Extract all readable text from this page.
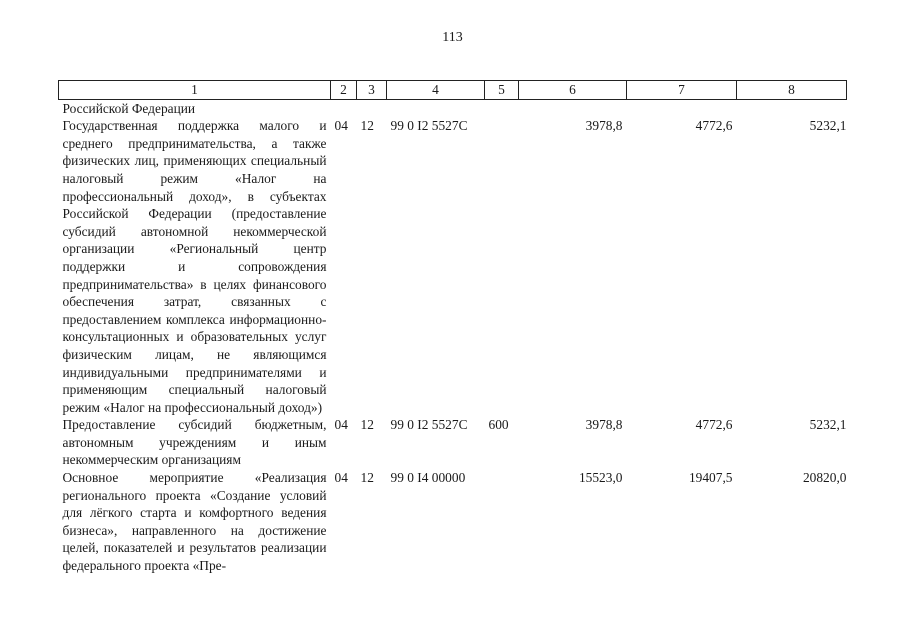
113
1	2	3	4	5	6	7	8
Российской Федерации							
Государственная поддержка малого и среднего предпринимательства, а также физических лиц, применяющих специальный налоговый режим «Налог на профессиональный доход», в субъектах Российской Федерации (предоставление субсидий автономной некоммерческой организации «Региональный центр поддержки и сопровождения предпринимательства» в целях финансового обеспечения затрат, связанных с предоставлением комплекса информационно-консультационных и образовательных услуг физическим лицам, не являющимся индивидуальными предпринимателями и применяющим специальный налоговый режим «Налог на профессиональный доход»)	04	12	99 0 I2 5527C		3978,8	4772,6	5232,1
Предоставление субсидий бюджетным, автономным учреждениям и иным некоммерческим организациям	04	12	99 0 I2 5527C	600	3978,8	4772,6	5232,1
Основное мероприятие «Реализация регионального проекта «Создание условий для лёгкого старта и комфортного ведения бизнеса», направленного на достижение целей, показателей и результатов реализации федерального проекта «Пре-	04	12	99 0 I4 00000		15523,0	19407,5	20820,0
